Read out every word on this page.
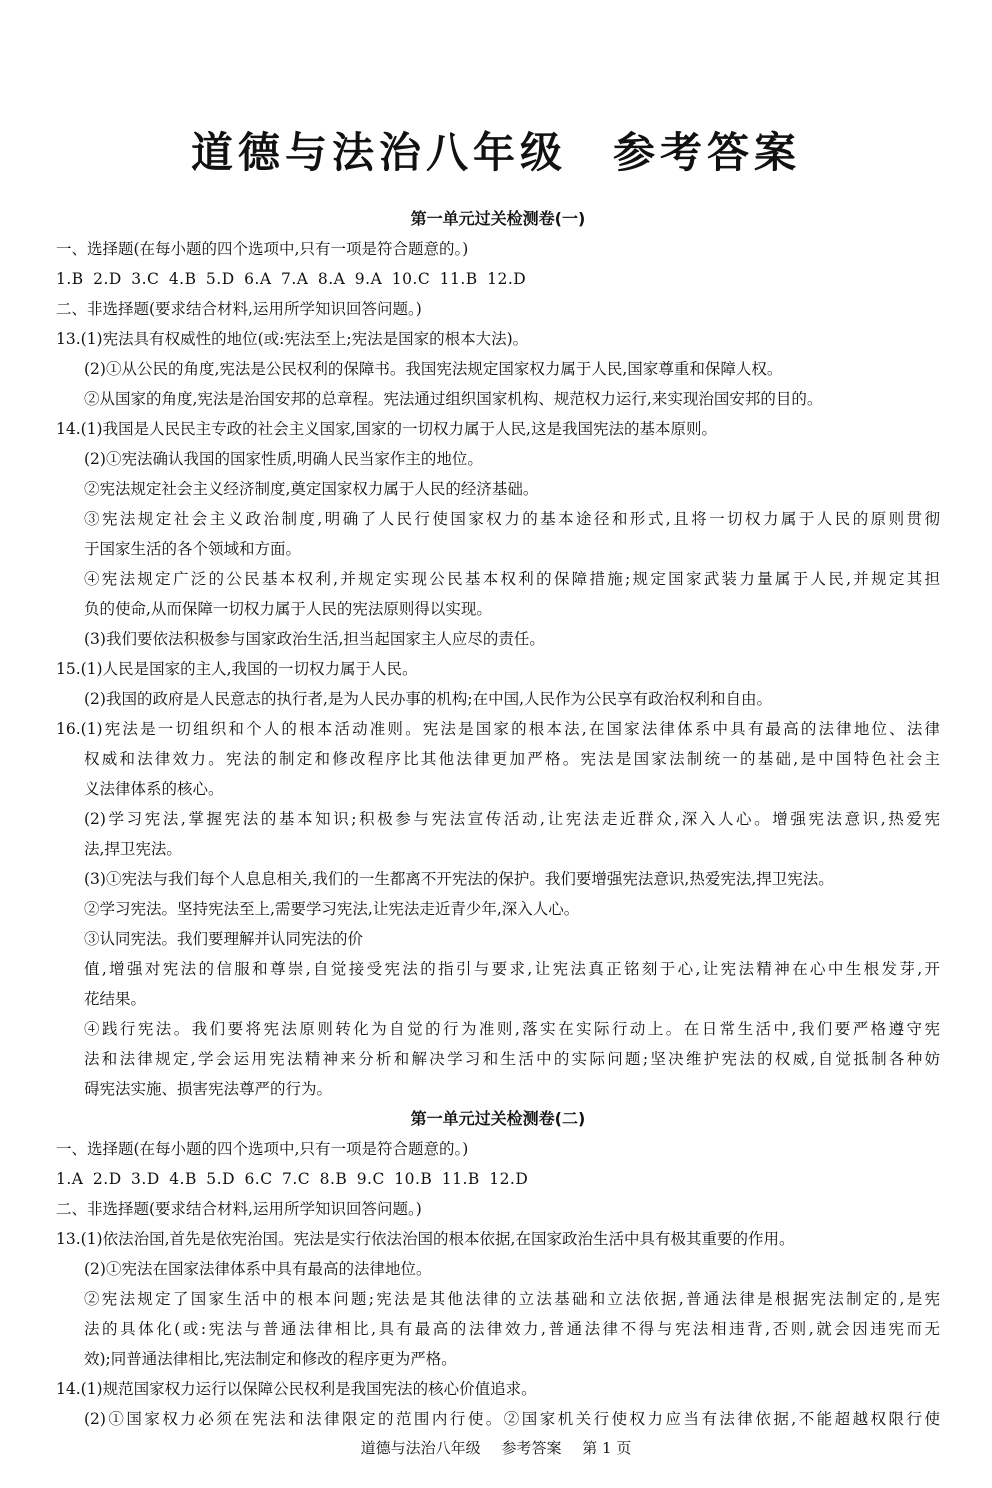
道德与法治八年级 参考答案
第一单元过关检测卷(一)
一、选择题(在每小题的四个选项中,只有一项是符合题意的。)
1.B 2.D 3.C 4.B 5.D 6.A 7.A 8.A 9.A 10.C 11.B 12.D
二、非选择题(要求结合材料,运用所学知识回答问题。)
13.(1)宪法具有权威性的地位(或:宪法至上;宪法是国家的根本大法)。
(2)①从公民的角度,宪法是公民权利的保障书。我国宪法规定国家权力属于人民,国家尊重和保障人权。
②从国家的角度,宪法是治国安邦的总章程。宪法通过组织国家机构、规范权力运行,来实现治国安邦的目的。
14.(1)我国是人民民主专政的社会主义国家,国家的一切权力属于人民,这是我国宪法的基本原则。
(2)①宪法确认我国的国家性质,明确人民当家作主的地位。
②宪法规定社会主义经济制度,奠定国家权力属于人民的经济基础。
③宪法规定社会主义政治制度,明确了人民行使国家权力的基本途径和形式,且将一切权力属于人民的原则贯彻
于国家生活的各个领域和方面。
④宪法规定广泛的公民基本权利,并规定实现公民基本权利的保障措施;规定国家武装力量属于人民,并规定其担
负的使命,从而保障一切权力属于人民的宪法原则得以实现。
(3)我们要依法积极参与国家政治生活,担当起国家主人应尽的责任。
15.(1)人民是国家的主人,我国的一切权力属于人民。
(2)我国的政府是人民意志的执行者,是为人民办事的机构;在中国,人民作为公民享有政治权利和自由。
16.(1)宪法是一切组织和个人的根本活动准则。宪法是国家的根本法,在国家法律体系中具有最高的法律地位、法律
权威和法律效力。宪法的制定和修改程序比其他法律更加严格。宪法是国家法制统一的基础,是中国特色社会主
义法律体系的核心。
(2)学习宪法,掌握宪法的基本知识;积极参与宪法宣传活动,让宪法走近群众,深入人心。增强宪法意识,热爱宪
法,捍卫宪法。
(3)①宪法与我们每个人息息相关,我们的一生都离不开宪法的保护。我们要增强宪法意识,热爱宪法,捍卫宪法。
②学习宪法。坚持宪法至上,需要学习宪法,让宪法走近青少年,深入人心。
③认同宪法。我们要理解并认同宪法的价
值,增强对宪法的信服和尊崇,自觉接受宪法的指引与要求,让宪法真正铭刻于心,让宪法精神在心中生根发芽,开
花结果。
④践行宪法。我们要将宪法原则转化为自觉的行为准则,落实在实际行动上。在日常生活中,我们要严格遵守宪
法和法律规定,学会运用宪法精神来分析和解决学习和生活中的实际问题;坚决维护宪法的权威,自觉抵制各种妨
碍宪法实施、损害宪法尊严的行为。
第一单元过关检测卷(二)
一、选择题(在每小题的四个选项中,只有一项是符合题意的。)
1.A 2.D 3.D 4.B 5.D 6.C 7.C 8.B 9.C 10.B 11.B 12.D
二、非选择题(要求结合材料,运用所学知识回答问题。)
13.(1)依法治国,首先是依宪治国。宪法是实行依法治国的根本依据,在国家政治生活中具有极其重要的作用。
(2)①宪法在国家法律体系中具有最高的法律地位。
②宪法规定了国家生活中的根本问题;宪法是其他法律的立法基础和立法依据,普通法律是根据宪法制定的,是宪
法的具体化(或:宪法与普通法律相比,具有最高的法律效力,普通法律不得与宪法相违背,否则,就会因违宪而无
效);同普通法律相比,宪法制定和修改的程序更为严格。
14.(1)规范国家权力运行以保障公民权利是我国宪法的核心价值追求。
(2)①国家权力必须在宪法和法律限定的范围内行使。②国家机关行使权力应当有法律依据,不能超越权限行使
道德与法治八年级 参考答案 第 1 页
